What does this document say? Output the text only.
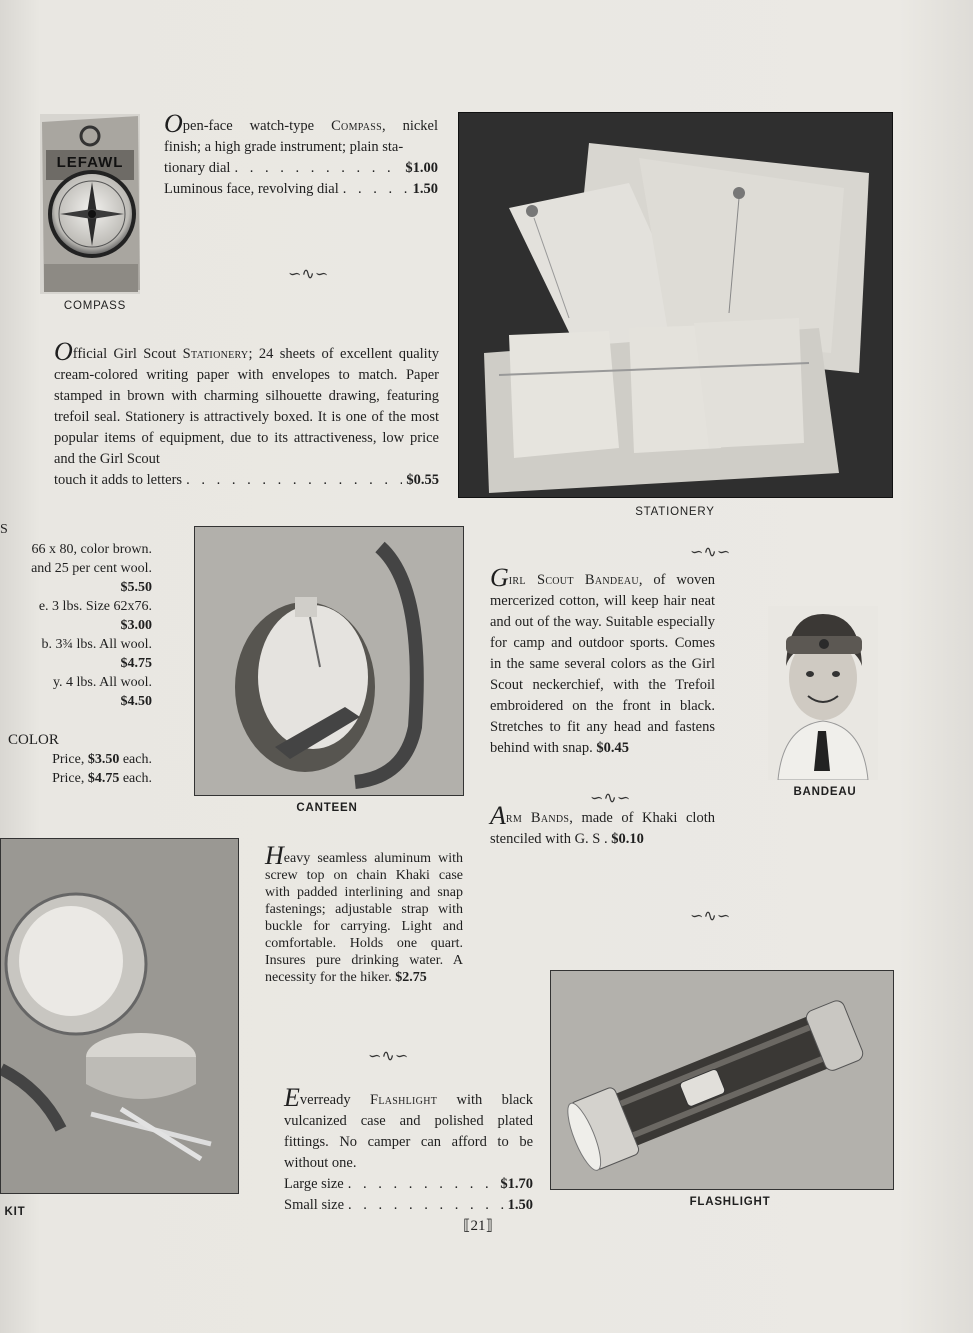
LEFAWL
COMPASS

Open-face watch-type Compass, nickel finish; a high grade instrument; plain sta-

tionary dial . . .	$1.00
Luminous face, revolving dial . . .	1.50
∽∿∽
STATIONERY

Official Girl Scout Stationery; 24 sheets of excellent quality cream-colored writing paper with envelopes to match. Paper stamped in brown with charming silhouette drawing, featuring trefoil seal. Stationery is attractively boxed. It is one of the most popular items of equipment, due to its attractiveness, low price and the Girl Scout

touch it adds to letters . . .	$0.55
S
66 x 80, color brown.
and 25 per cent wool.
$5.50
e. 3 lbs. Size 62x76.
$3.00
b. 3¾ lbs. All wool.
$4.75
y. 4 lbs. All wool.
$4.50
COLOR
Price, $3.50 each.
Price, $4.75 each.
CANTEEN
∽∿∽

Girl Scout Bandeau, of woven mercerized cotton, will keep hair neat and out of the way. Suitable especially for camp and outdoor sports. Comes in the same several colors as the Girl Scout neckerchief, with the Trefoil embroidered on the front in black. Stretches to fit any head and fastens behind with snap. $0.45

∽∿∽

Arm Bands, made of Khaki cloth stenciled with G. S . $0.10

BANDEAU
KIT

Heavy seamless aluminum with screw top on chain Khaki case with padded interlining and snap fastenings; adjustable strap with buckle for carrying. Light and comfortable. Holds one quart. Insures pure drinking water. A necessity for the hiker. $2.75

∽∿∽
∽∿∽
FLASHLIGHT

Everready Flashlight with black vulcanized case and polished plated fittings. No camper can afford to be without one.

Large size . . .	$1.70
Small size . . .	1.50
⟦21⟧
